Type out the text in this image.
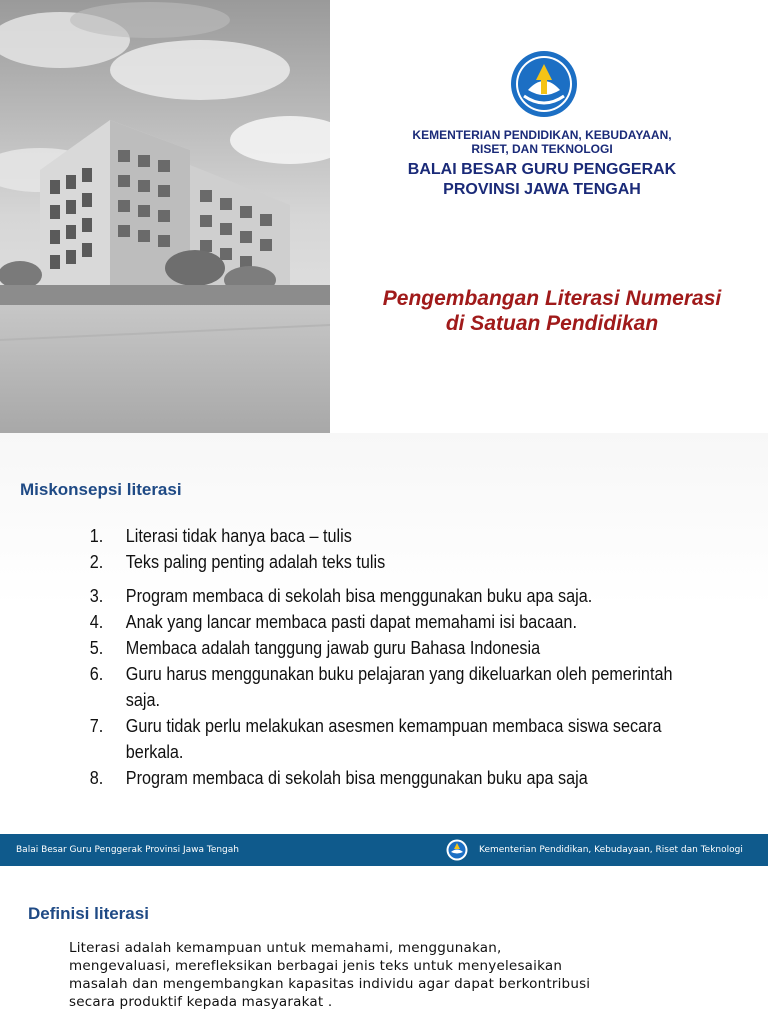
KEMENTERIAN PENDIDIKAN, KEBUDAYAAN,
RISET, DAN TEKNOLOGI
BALAI BESAR GURU PENGGERAK
PROVINSI JAWA TENGAH
Pengembangan Literasi Numerasi
di Satuan Pendidikan
Miskonsepsi literasi
1. Literasi tidak hanya baca – tulis
2. Teks paling penting adalah teks tulis
3. Program membaca di sekolah bisa menggunakan buku apa saja.
4. Anak yang lancar membaca pasti dapat memahami isi bacaan.
5. Membaca adalah tanggung jawab guru Bahasa Indonesia
6. Guru harus menggunakan buku pelajaran yang dikeluarkan oleh pemerintah saja.
7. Guru tidak perlu melakukan asesmen kemampuan membaca siswa secara berkala.
8. Program membaca di sekolah bisa menggunakan buku apa saja
Balai Besar Guru Penggerak Provinsi Jawa Tengah	Kementerian Pendidikan, Kebudayaan, Riset dan Teknologi
Definisi literasi
Literasi adalah kemampuan untuk memahami, menggunakan,
mengevaluasi, merefleksikan berbagai jenis teks untuk menyelesaikan
masalah dan mengembangkan kapasitas individu agar dapat berkontribusi
secara produktif kepada masyarakat .
